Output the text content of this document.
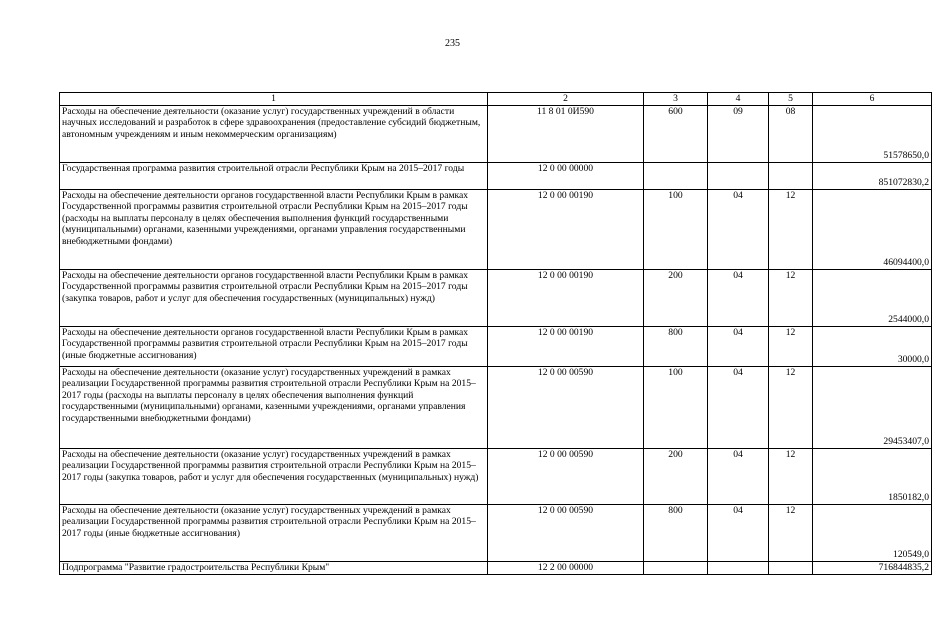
235
1	2	3	4	5	6
Расходы на обеспечение деятельности (оказание услуг) государственных учреждений в области научных исследований и разработок в сфере здравоохранения (предоставление субсидий бюджетным, автономным учреждениям и иным некоммерческим организациям)	11 8 01 0И590	600	09	08	51578650,0
Государственная программа развития строительной отрасли Республики Крым на 2015–2017 годы	12 0 00 00000				851072830,2
Расходы на обеспечение деятельности органов государственной власти Республики Крым в рамках Государственной программы развития строительной отрасли Республики Крым на 2015–2017 годы (расходы на выплаты персоналу в целях обеспечения выполнения функций государственными (муниципальными) органами, казенными учреждениями, органами управления государственными внебюджетными фондами)	12 0 00 00190	100	04	12	46094400,0
Расходы на обеспечение деятельности органов государственной власти Республики Крым в рамках Государственной программы развития строительной отрасли Республики Крым на 2015–2017 годы (закупка товаров, работ и услуг для обеспечения государственных (муниципальных) нужд)	12 0 00 00190	200	04	12	2544000,0
Расходы на обеспечение деятельности органов государственной власти Республики Крым в рамках Государственной программы развития строительной отрасли Республики Крым на 2015–2017 годы (иные бюджетные ассигнования)	12 0 00 00190	800	04	12	30000,0
Расходы на обеспечение деятельности (оказание услуг) государственных учреждений в рамках реализации Государственной программы развития строительной отрасли Республики Крым на 2015–2017 годы (расходы на выплаты персоналу в целях обеспечения выполнения функций государственными (муниципальными) органами, казенными учреждениями, органами управления государственными внебюджетными фондами)	12 0 00 00590	100	04	12	29453407,0
Расходы на обеспечение деятельности (оказание услуг) государственных учреждений в рамках реализации Государственной программы развития строительной отрасли Республики Крым на 2015–2017 годы (закупка товаров, работ и услуг для обеспечения государственных (муниципальных) нужд)	12 0 00 00590	200	04	12	1850182,0
Расходы на обеспечение деятельности (оказание услуг) государственных учреждений в рамках реализации Государственной программы развития строительной отрасли Республики Крым на 2015–2017 годы (иные бюджетные ассигнования)	12 0 00 00590	800	04	12	120549,0
Подпрограмма "Развитие градостроительства Республики Крым"	12 2 00 00000				716844835,2
